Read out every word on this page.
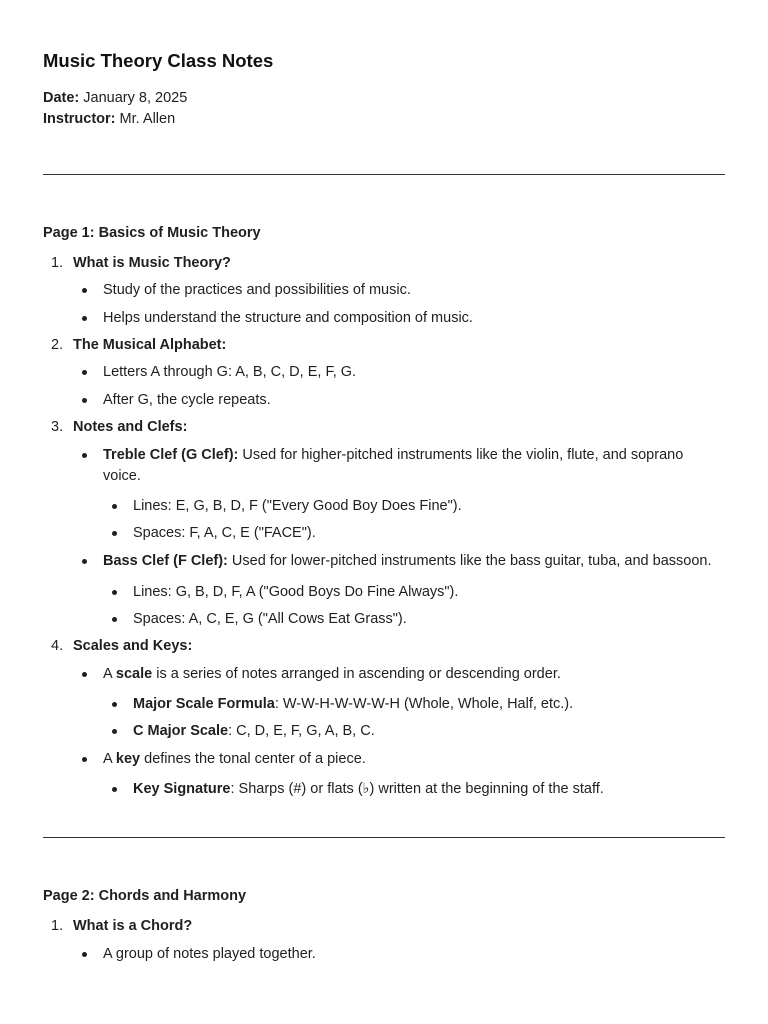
Music Theory Class Notes

Date: January 8, 2025

Instructor: Mr. Allen

Page 1: Basics of Music Theory

1. What is Music Theory?
Study of the practices and possibilities of music.
Helps understand the structure and composition of music.
2. The Musical Alphabet:
Letters A through G: A, B, C, D, E, F, G.
After G, the cycle repeats.
3. Notes and Clefs:
Treble Clef (G Clef): Used for higher-pitched instruments like the violin, flute, and soprano voice.
Lines: E, G, B, D, F ("Every Good Boy Does Fine").
Spaces: F, A, C, E ("FACE").
Bass Clef (F Clef): Used for lower-pitched instruments like the bass guitar, tuba, and bassoon.
Lines: G, B, D, F, A ("Good Boys Do Fine Always").
Spaces: A, C, E, G ("All Cows Eat Grass").
4. Scales and Keys:
A scale is a series of notes arranged in ascending or descending order.
Major Scale Formula: W-W-H-W-W-W-H (Whole, Whole, Half, etc.).
C Major Scale: C, D, E, F, G, A, B, C.
A key defines the tonal center of a piece.
Key Signature: Sharps (#) or flats (♭) written at the beginning of the staff.

Page 2: Chords and Harmony

1. What is a Chord?
A group of notes played together.
